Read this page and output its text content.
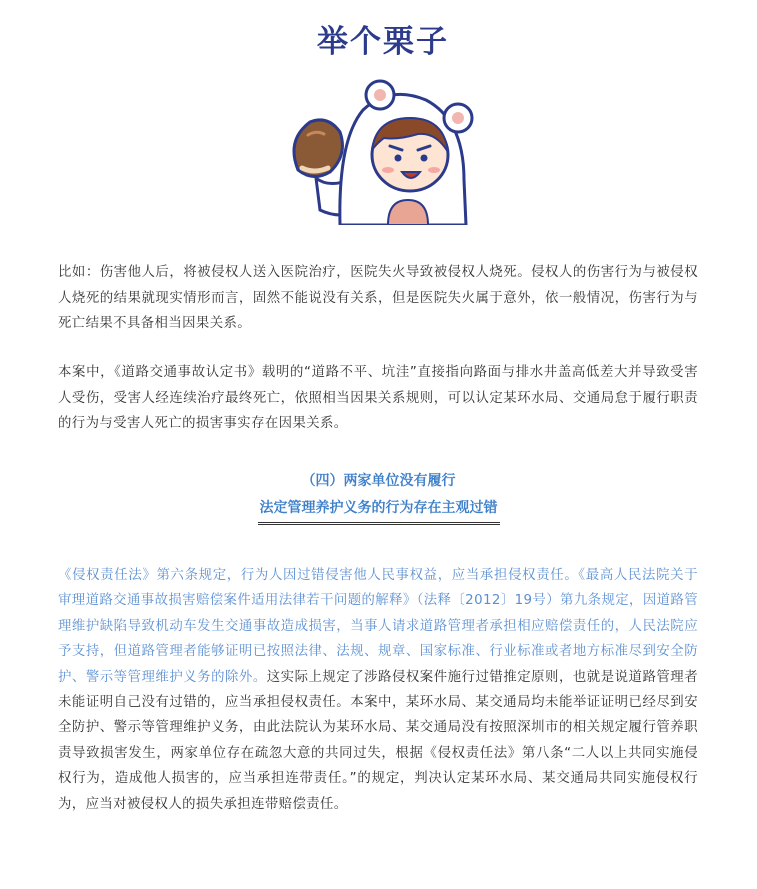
举个栗子

比如：伤害他人后，将被侵权人送入医院治疗，医院失火导致被侵权人烧死。侵权人的伤害行为与被侵权人烧死的结果就现实情形而言，固然不能说没有关系，但是医院失火属于意外，依一般情况，伤害行为与死亡结果不具备相当因果关系。

本案中，《道路交通事故认定书》载明的“道路不平、坑洼”直接指向路面与排水井盖高低差大并导致受害人受伤，受害人经连续治疗最终死亡，依照相当因果关系规则，可以认定某环水局、交通局怠于履行职责的行为与受害人死亡的损害事实存在因果关系。

（四）两家单位没有履行
法定管理养护义务的行为存在主观过错

《侵权责任法》第六条规定，行为人因过错侵害他人民事权益，应当承担侵权责任。《最高人民法院关于审理道路交通事故损害赔偿案件适用法律若干问题的解释》（法释〔2012〕19号）第九条规定，因道路管理维护缺陷导致机动车发生交通事故造成损害，当事人请求道路管理者承担相应赔偿责任的，人民法院应予支持，但道路管理者能够证明已按照法律、法规、规章、国家标准、行业标准或者地方标准尽到安全防护、警示等管理维护义务的除外。这实际上规定了涉路侵权案件施行过错推定原则，也就是说道路管理者未能证明自己没有过错的，应当承担侵权责任。本案中，某环水局、某交通局均未能举证证明已经尽到安全防护、警示等管理维护义务，由此法院认为某环水局、某交通局没有按照深圳市的相关规定履行管养职责导致损害发生，两家单位存在疏忽大意的共同过失，根据《侵权责任法》第八条“二人以上共同实施侵权行为，造成他人损害的，应当承担连带责任。”的规定，判决认定某环水局、某交通局共同实施侵权行为，应当对被侵权人的损失承担连带赔偿责任。
